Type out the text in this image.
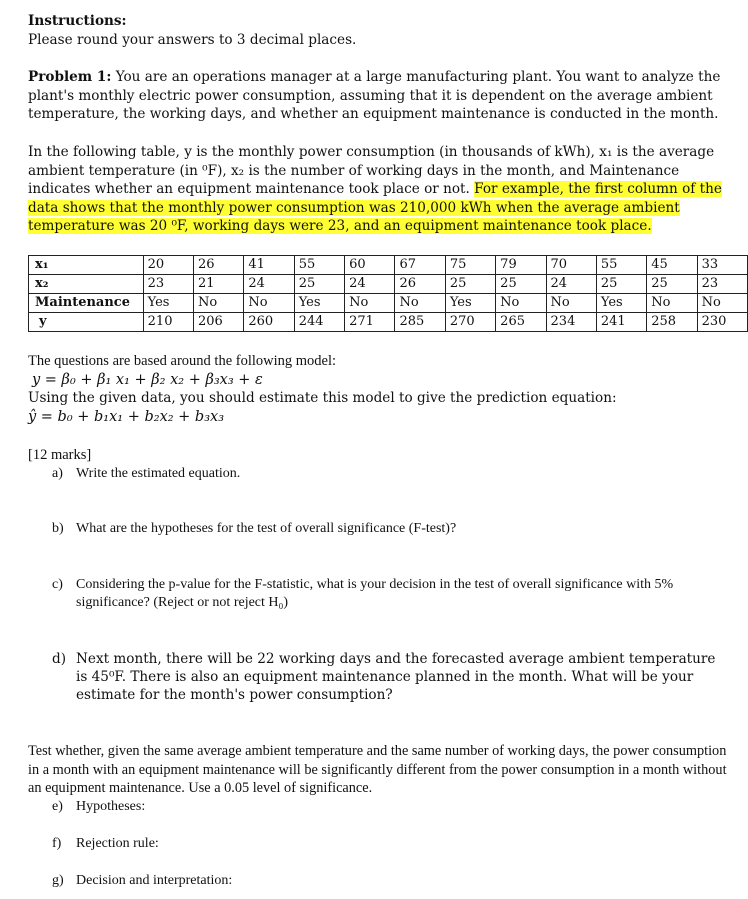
Instructions:
Please round your answers to 3 decimal places.
Problem 1: You are an operations manager at a large manufacturing plant. You want to analyze the plant's monthly electric power consumption, assuming that it is dependent on the average ambient temperature, the working days, and whether an equipment maintenance is conducted in the month.
In the following table, y is the monthly power consumption (in thousands of kWh), x₁ is the average ambient temperature (in ⁰F), x₂ is the number of working days in the month, and Maintenance indicates whether an equipment maintenance took place or not. For example, the first column of the data shows that the monthly power consumption was 210,000 kWh when the average ambient temperature was 20 ⁰F, working days were 23, and an equipment maintenance took place.
x₁	20	26	41	55	60	67	75	79	70	55	45	33
x₂	23	21	24	25	24	26	25	25	24	25	25	23
Maintenance	Yes	No	No	Yes	No	No	Yes	No	No	Yes	No	No
y	210	206	260	244	271	285	270	265	234	241	258	230
The questions are based around the following model:
y = β₀ + β₁ x₁ + β₂ x₂ + β₃x₃ + ε
Using the given data, you should estimate this model to give the prediction equation:
ŷ = b₀ + b₁x₁ + b₂x₂ + b₃x₃
[12 marks]
a) Write the estimated equation.
b) What are the hypotheses for the test of overall significance (F-test)?
c) Considering the p-value for the F-statistic, what is your decision in the test of overall significance with 5% significance? (Reject or not reject H₀)
d) Next month, there will be 22 working days and the forecasted average ambient temperature is 45⁰F. There is also an equipment maintenance planned in the month. What will be your estimate for the month's power consumption?
Test whether, given the same average ambient temperature and the same number of working days, the power consumption in a month with an equipment maintenance will be significantly different from the power consumption in a month without an equipment maintenance. Use a 0.05 level of significance.
e) Hypotheses:
f) Rejection rule:
g) Decision and interpretation:
